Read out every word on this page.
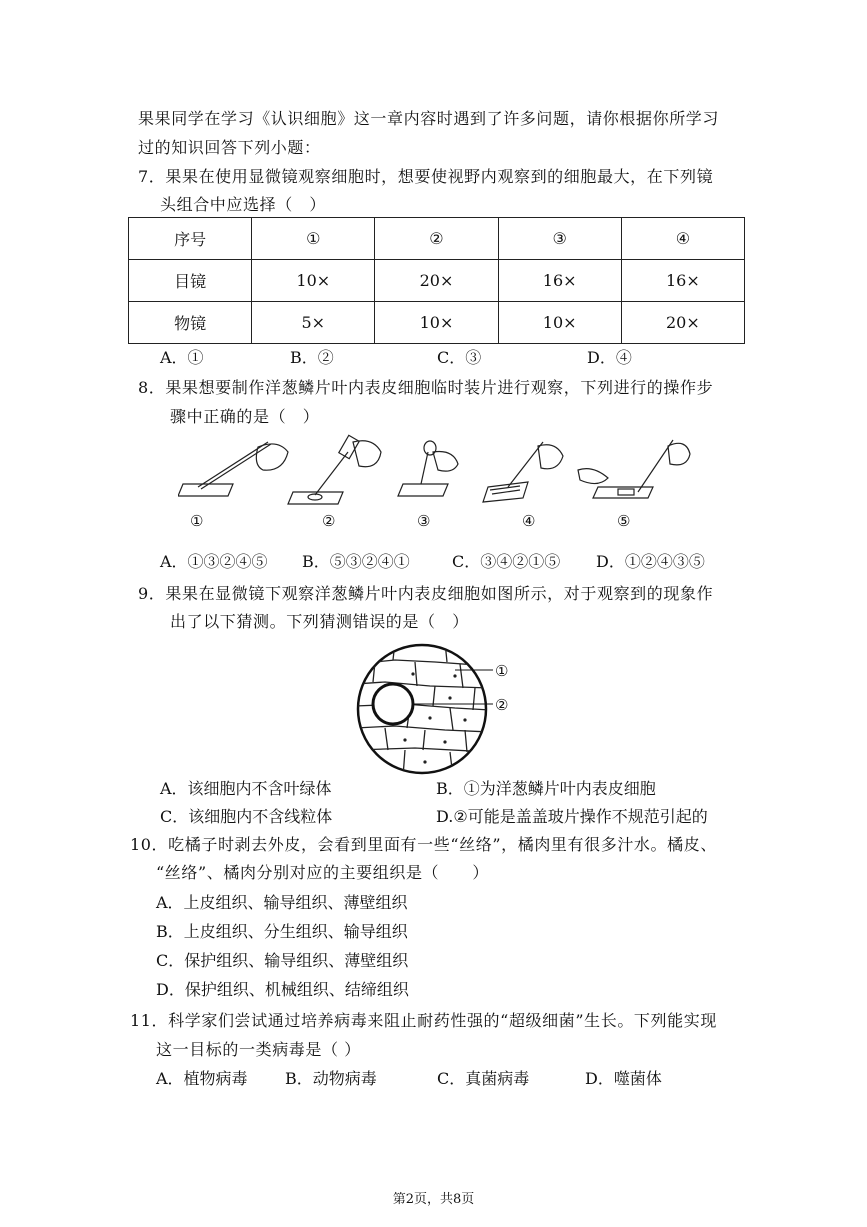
果果同学在学习《认识细胞》这一章内容时遇到了许多问题，请你根据你所学习
过的知识回答下列小题：
7．果果在使用显微镜观察细胞时，想要使视野内观察到的细胞最大，在下列镜
头组合中应选择（　）
序号	①	②	③	④
目镜	10×	20×	16×	16×
物镜	5×	10×	10×	20×
A．①	B．②	C．③	D．④
8．果果想要制作洋葱鳞片叶内表皮细胞临时装片进行观察，下列进行的操作步
骤中正确的是（　）
①	②	③	④	⑤
A．①③②④⑤ B．⑤③②④①	C．③④②①⑤ D．①②④③⑤
9．果果在显微镜下观察洋葱鳞片叶内表皮细胞如图所示，对于观察到的现象作
出了以下猜测。下列猜测错误的是（　）
①
②
A．该细胞内不含叶绿体	B．①为洋葱鳞片叶内表皮细胞
C．该细胞内不含线粒体	D.②可能是盖盖玻片操作不规范引起的
10．吃橘子时剥去外皮，会看到里面有一些“丝络”，橘肉里有很多汁水。橘皮、
“丝络”、橘肉分别对应的主要组织是（　　）
A．上皮组织、输导组织、薄壁组织
B．上皮组织、分生组织、输导组织
C．保护组织、输导组织、薄壁组织
D．保护组织、机械组织、结缔组织
11．科学家们尝试通过培养病毒来阻止耐药性强的“超级细菌”生长。下列能实现
这一目标的一类病毒是（ ）
A．植物病毒 B．动物病毒	C．真菌病毒	D．噬菌体
第2页，共8页
